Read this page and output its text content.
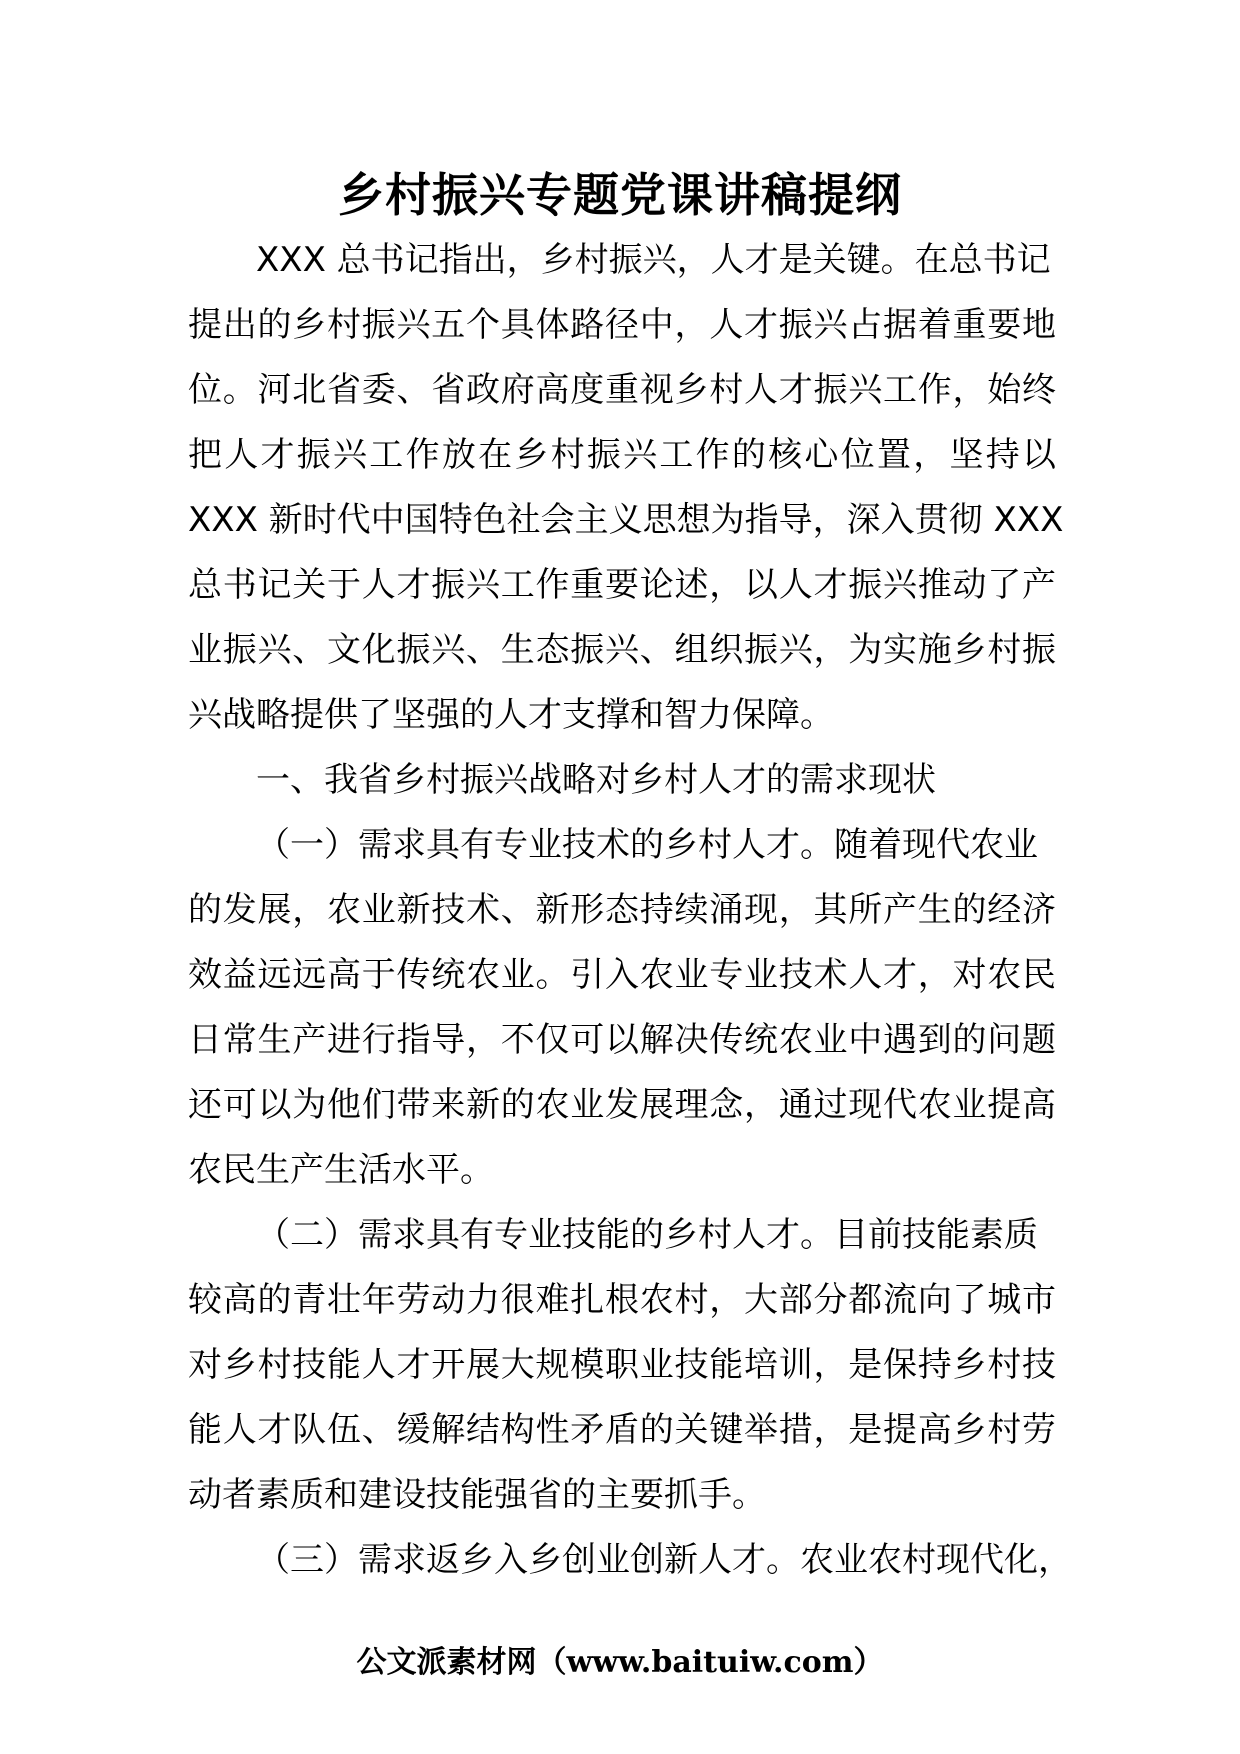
乡村振兴专题党课讲稿提纲
XXX 总书记指出，乡村振兴，人才是关键。在总书记
提出的乡村振兴五个具体路径中，人才振兴占据着重要地
位。河北省委、省政府高度重视乡村人才振兴工作，始终
把人才振兴工作放在乡村振兴工作的核心位置，坚持以
XXX 新时代中国特色社会主义思想为指导，深入贯彻 XXX
总书记关于人才振兴工作重要论述，以人才振兴推动了产
业振兴、文化振兴、生态振兴、组织振兴，为实施乡村振
兴战略提供了坚强的人才支撑和智力保障。
一、我省乡村振兴战略对乡村人才的需求现状
（一）需求具有专业技术的乡村人才。随着现代农业
的发展，农业新技术、新形态持续涌现，其所产生的经济
效益远远高于传统农业。引入农业专业技术人才，对农民
日常生产进行指导，不仅可以解决传统农业中遇到的问题
还可以为他们带来新的农业发展理念，通过现代农业提高
农民生产生活水平。
（二）需求具有专业技能的乡村人才。目前技能素质
较高的青壮年劳动力很难扎根农村，大部分都流向了城市
对乡村技能人才开展大规模职业技能培训，是保持乡村技
能人才队伍、缓解结构性矛盾的关键举措，是提高乡村劳
动者素质和建设技能强省的主要抓手。
（三）需求返乡入乡创业创新人才。农业农村现代化，
公文派素材网（www.baituiw.com）
